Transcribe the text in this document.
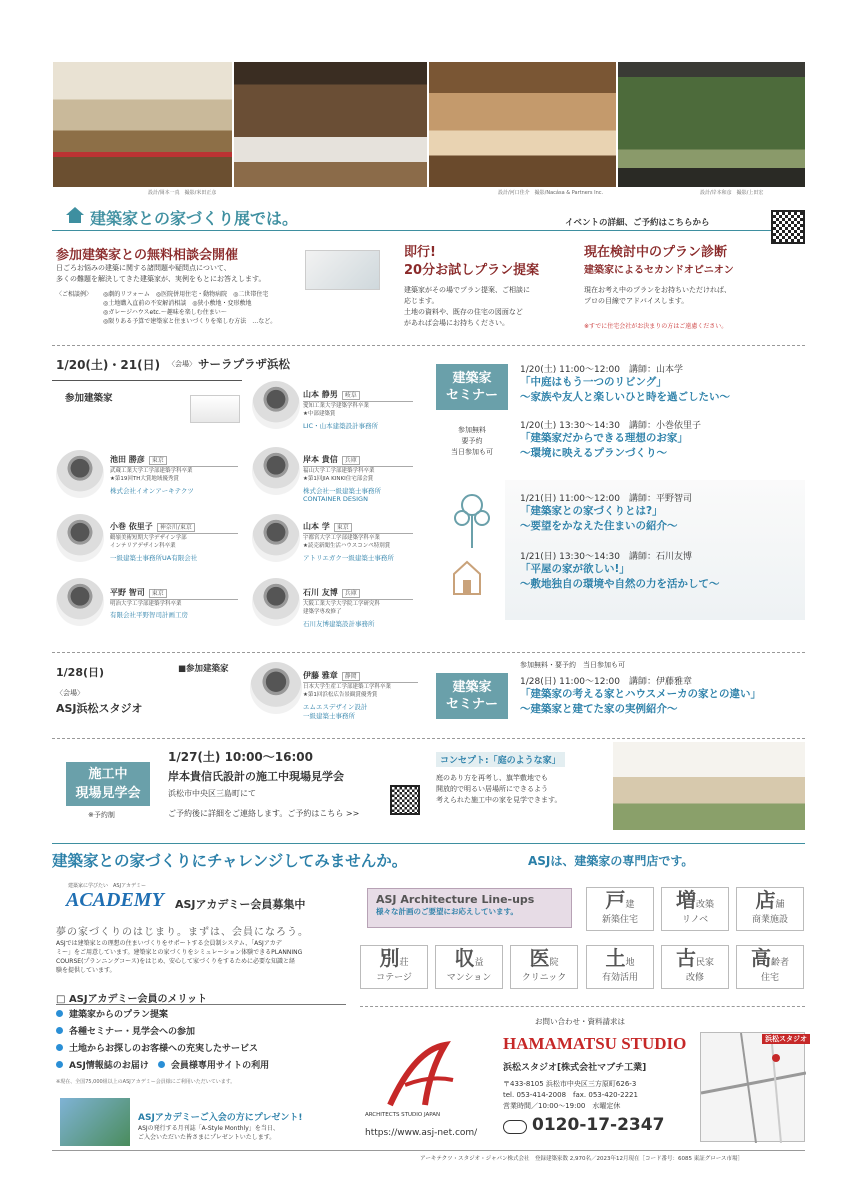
設計/岡本一真　撮影/米田正彦	設計/河口佳介　撮影/Nacása & Partners Inc.	設計/岸本和彦　撮影/上田宏
建築家との家づくり展では。	イベントの詳細、ご予約はこちらから
参加建築家との無料相談会開催
日ごろお悩みの建築に関する諸問題や疑問点について、
多くの難題を解決してきた建築家が、実例をもとにお答えします。
〈ご相談例〉 ◎劇的リフォーム　◎医院併用住宅・動物病院　◎二世帯住宅
◎土地購入直前の不安解消相談　◎狭小敷地・変形敷地
◎ガレージハウスetc.～趣味を楽しむ住まい～
◎限りある予算で建築家と住まいづくりを楽しむ方法　…など。
即行!
20分お試しプラン提案
建築家がその場でプラン提案、ご相談に
応じます。
土地の資料や、既存の住宅の図面など
があれば会場にお持ちください。
現在検討中のプラン診断
建築家によるセカンドオピニオン
現在お考え中のプランをお持ちいただければ、
プロの目線でアドバイスします。
※すでに住宅会社がお決まりの方はご遠慮ください。
1/20(土)・21(日) 〈会場〉 サーラプラザ浜松
参加建築家	山本 静男 岐阜
愛知工業大学建築学科卒業
★中部建築賞
LIC・山本建築設計事務所
池田 勝彦 東京
武蔵工業大学工学部建築学科卒業
★第19回TH大賞地域優秀賞
株式会社イオンアーキテクツ
岸本 貴信 兵庫
福山大学工学部建築学科卒業
★第1回JIA KINKI住宅部会賞
株式会社一級建築士事務所 CONTAINER DESIGN
小巻 依里子 神奈川/東京
鶴嶺美術短期大学デザイン学部
インテリアデザイン科卒業
一級建築士事務所UA有限会社
山本 学 東京
宇都宮大学工学部建築学科卒業
★読売新聞生活ハウスコンペ特別賞
アトリエガク一級建築士事務所
平野 智司 東京
明治大学工学部建築学科卒業
有限会社平野智司計画工房
石川 友博 兵庫
大阪工業大学大学院工学研究科
建築学専攻修了
石川友博建築設計事務所
建築家
セミナー
参加無料
要予約
当日参加も可
1/20(土) 11:00～12:00　講師：山本学
「中庭はもう一つのリビング」
～家族や友人と楽しいひと時を過ごしたい～
1/20(土) 13:30～14:30　講師：小巻依里子
「建築家だからできる理想のお家」
～環境に映えるプランづくり～
1/21(日) 11:00～12:00　講師：平野智司
「建築家との家づくりとは?」
～要望をかなえた住まいの紹介～
1/21(日) 13:30～14:30　講師：石川友博
「平屋の家が欲しい!」
～敷地独自の環境や自然の力を活かして～
1/28(日)
〈会場〉
ASJ浜松スタジオ
■参加建築家
伊藤 雅章 静岡
日本大学生産工学部建築工学科卒業
★第1回浜松広告景観賞優秀賞
エムエスデザイン設計
一級建築士事務所
建築家
セミナー
参加無料・要予約　当日参加も可
1/28(日) 11:00～12:00　講師：伊藤雅章
「建築家の考える家とハウスメーカの家との違い」
～建築家と建てた家の実例紹介～
施工中
現場見学会
※予約制
1/27(土) 10:00～16:00
岸本貴信氏設計の施工中現場見学会
浜松市中央区三島町にて
ご予約後に詳細をご連絡します。ご予約はこちら >>
コンセプト:「庭のような家」
庭のあり方を再考し、旗竿敷地でも
開放的で明るい居場所にできるよう
考えられた施工中の家を見学できます。
建築家との家づくりにチャレンジしてみませんか。	ASJは、建築家の専門店です。
建築家に学びたい　ASJアカデミー
ACADEMY ASJアカデミー会員募集中
夢の家づくりのはじまり。まずは、会員になろう。
ASJでは建築家との理想の住まいづくりをサポートする会員制システム、「ASJアカデ
ミー」をご用意しています。建築家との家づくりをシミュレーション体験できるPLANNING
COURSE(プランニングコース)をはじめ、安心して家づくりをするために必要な知識と経
験を提供しています。
□ ASJアカデミー会員のメリット
建築家からのプラン提案
各種セミナー・見学会への参加
土地からお探しのお客様への充実したサービス
ASJ情報誌のお届け　 会員様専用サイトの利用
※現在、全国75,000組以上のASJアカデミー会員様にご利用いただいています。
ASJアカデミーご入会の方にプレゼント!
ASJの発行する月刊誌「A-Style Monthly」を当日、
ご入会いただいた皆さまにプレゼントいたします。
ASJ Architecture Line-ups
様々な計画のご要望にお応えしています。	戸建
新築住宅
増改築
リノベ
店舗
商業施設
別荘
コテージ
収益
マンション
医院
クリニック
土地
有効活用
古民家
改修
高齢者
住宅
お問い合わせ・資料請求は
ARCHITECTS STUDIO JAPAN
https://www.asj-net.com/
HAMAMATSU STUDIO
浜松スタジオ[株式会社マブチ工業]
〒433-8105 浜松市中央区三方原町626-3
tel. 053-414-2008　fax. 053-420-2221
営業時間／10:00～19:00　水曜定休
0120-17-2347
浜松スタジオ
アーキテクツ・スタジオ・ジャパン株式会社　登録建築家数 2,970名／2023年12月現在［コード番号：6085 東証グロース市場］
